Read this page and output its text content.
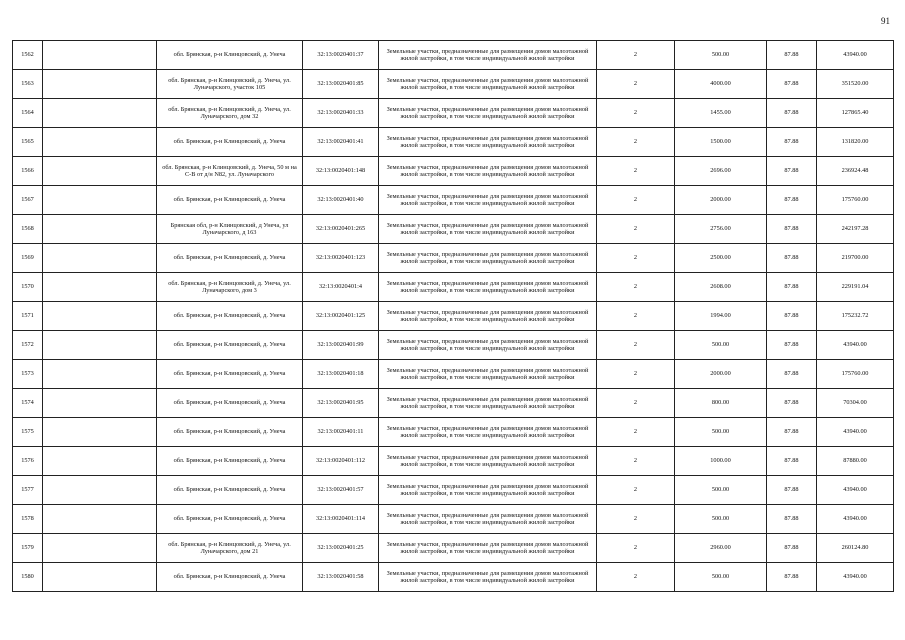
91
1562		обл. Брянская, р-н Клинцовский, д. Унеча	32:13:0020401:37	Земельные участки, предназначенные для размещения домов малоэтажной жилой застройки, в том числе индивидуальной жилой застройки	2	500.00	87.88	43940.00
1563		обл. Брянская, р-н Клинцовский, д. Унеча, ул. Луначарского, участок 105	32:13:0020401:85	Земельные участки, предназначенные для размещения домов малоэтажной жилой застройки, в том числе индивидуальной жилой застройки	2	4000.00	87.88	351520.00
1564		обл. Брянская, р-н Клинцовский, д. Унеча, ул. Луначарского, дом 32	32:13:0020401:33	Земельные участки, предназначенные для размещения домов малоэтажной жилой застройки, в том числе индивидуальной жилой застройки	2	1455.00	87.88	127865.40
1565		обл. Брянская, р-н Клинцовский, д. Унеча	32:13:0020401:41	Земельные участки, предназначенные для размещения домов малоэтажной жилой застройки, в том числе индивидуальной жилой застройки	2	1500.00	87.88	131820.00
1566		обл. Брянская, р-н Клинцовский, д. Унеча, 50 м на С-В от д/н N82, ул. Луначарского	32:13:0020401:148	Земельные участки, предназначенные для размещения домов малоэтажной жилой застройки, в том числе индивидуальной жилой застройки	2	2696.00	87.88	236924.48
1567		обл. Брянская, р-н Клинцовский, д. Унеча	32:13:0020401:40	Земельные участки, предназначенные для размещения домов малоэтажной жилой застройки, в том числе индивидуальной жилой застройки	2	2000.00	87.88	175760.00
1568		Брянская обл, р-н Клинцовский, д Унеча, ул Луначарского, д 163	32:13:0020401:265	Земельные участки, предназначенные для размещения домов малоэтажной жилой застройки, в том числе индивидуальной жилой застройки	2	2756.00	87.88	242197.28
1569		обл. Брянская, р-н Клинцовский, д. Унеча	32:13:0020401:123	Земельные участки, предназначенные для размещения домов малоэтажной жилой застройки, в том числе индивидуальной жилой застройки	2	2500.00	87.88	219700.00
1570		обл. Брянская, р-н Клинцовский, д. Унеча, ул. Луначарского, дом 3	32:13:0020401:4	Земельные участки, предназначенные для размещения домов малоэтажной жилой застройки, в том числе индивидуальной жилой застройки	2	2608.00	87.88	229191.04
1571		обл. Брянская, р-н Клинцовский, д. Унеча	32:13:0020401:125	Земельные участки, предназначенные для размещения домов малоэтажной жилой застройки, в том числе индивидуальной жилой застройки	2	1994.00	87.88	175232.72
1572		обл. Брянская, р-н Клинцовский, д. Унеча	32:13:0020401:99	Земельные участки, предназначенные для размещения домов малоэтажной жилой застройки, в том числе индивидуальной жилой застройки	2	500.00	87.88	43940.00
1573		обл. Брянская, р-н Клинцовский, д. Унеча	32:13:0020401:18	Земельные участки, предназначенные для размещения домов малоэтажной жилой застройки, в том числе индивидуальной жилой застройки	2	2000.00	87.88	175760.00
1574		обл. Брянская, р-н Клинцовский, д. Унеча	32:13:0020401:95	Земельные участки, предназначенные для размещения домов малоэтажной жилой застройки, в том числе индивидуальной жилой застройки	2	800.00	87.88	70304.00
1575		обл. Брянская, р-н Клинцовский, д. Унеча	32:13:0020401:11	Земельные участки, предназначенные для размещения домов малоэтажной жилой застройки, в том числе индивидуальной жилой застройки	2	500.00	87.88	43940.00
1576		обл. Брянская, р-н Клинцовский, д. Унеча	32:13:0020401:112	Земельные участки, предназначенные для размещения домов малоэтажной жилой застройки, в том числе индивидуальной жилой застройки	2	1000.00	87.88	87880.00
1577		обл. Брянская, р-н Клинцовский, д. Унеча	32:13:0020401:57	Земельные участки, предназначенные для размещения домов малоэтажной жилой застройки, в том числе индивидуальной жилой застройки	2	500.00	87.88	43940.00
1578		обл. Брянская, р-н Клинцовский, д. Унеча	32:13:0020401:114	Земельные участки, предназначенные для размещения домов малоэтажной жилой застройки, в том числе индивидуальной жилой застройки	2	500.00	87.88	43940.00
1579		обл. Брянская, р-н Клинцовский, д. Унеча, ул. Луначарского, дом 21	32:13:0020401:25	Земельные участки, предназначенные для размещения домов малоэтажной жилой застройки, в том числе индивидуальной жилой застройки	2	2960.00	87.88	260124.80
1580		обл. Брянская, р-н Клинцовский, д. Унеча	32:13:0020401:58	Земельные участки, предназначенные для размещения домов малоэтажной жилой застройки, в том числе индивидуальной жилой застройки	2	500.00	87.88	43940.00
